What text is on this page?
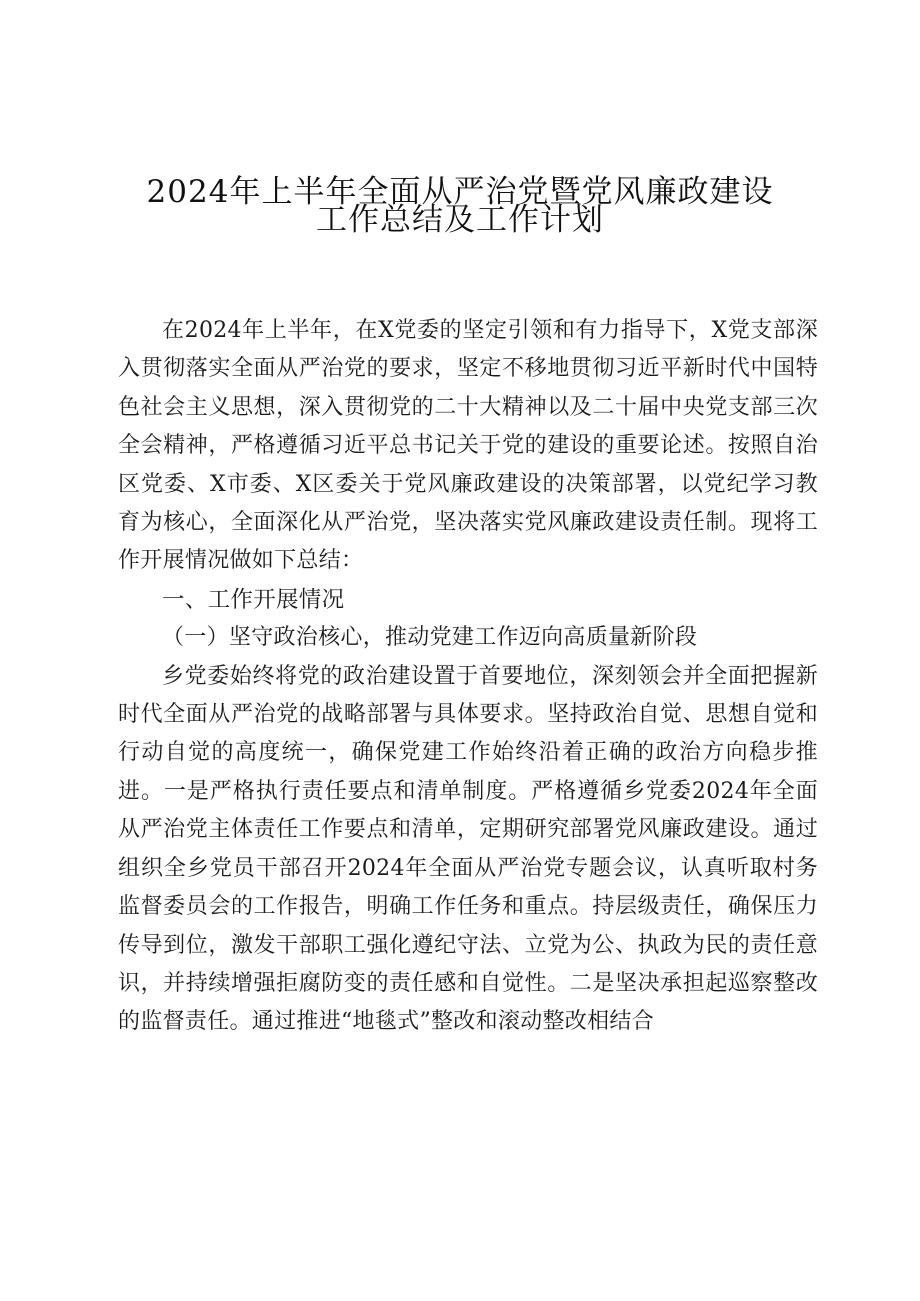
2024年上半年全面从严治党暨党风廉政建设
工作总结及工作计划

在2024年上半年，在X党委的坚定引领和有力指导下，X党支部深入贯彻落实全面从严治党的要求，坚定不移地贯彻习近平新时代中国特色社会主义思想，深入贯彻党的二十大精神以及二十届中央党支部三次全会精神，严格遵循习近平总书记关于党的建设的重要论述。按照自治区党委、X市委、X区委关于党风廉政建设的决策部署，以党纪学习教育为核心，全面深化从严治党，坚决落实党风廉政建设责任制。现将工作开展情况做如下总结：

一、工作开展情况

（一）坚守政治核心，推动党建工作迈向高质量新阶段

乡党委始终将党的政治建设置于首要地位，深刻领会并全面把握新时代全面从严治党的战略部署与具体要求。坚持政治自觉、思想自觉和行动自觉的高度统一，确保党建工作始终沿着正确的政治方向稳步推进。一是严格执行责任要点和清单制度。严格遵循乡党委2024年全面从严治党主体责任工作要点和清单，定期研究部署党风廉政建设。通过组织全乡党员干部召开2024年全面从严治党专题会议，认真听取村务监督委员会的工作报告，明确工作任务和重点。持层级责任，确保压力传导到位，激发干部职工强化遵纪守法、立党为公、执政为民的责任意识，并持续增强拒腐防变的责任感和自觉性。二是坚决承担起巡察整改的监督责任。通过推进“地毯式”整改和滚动整改相结合
